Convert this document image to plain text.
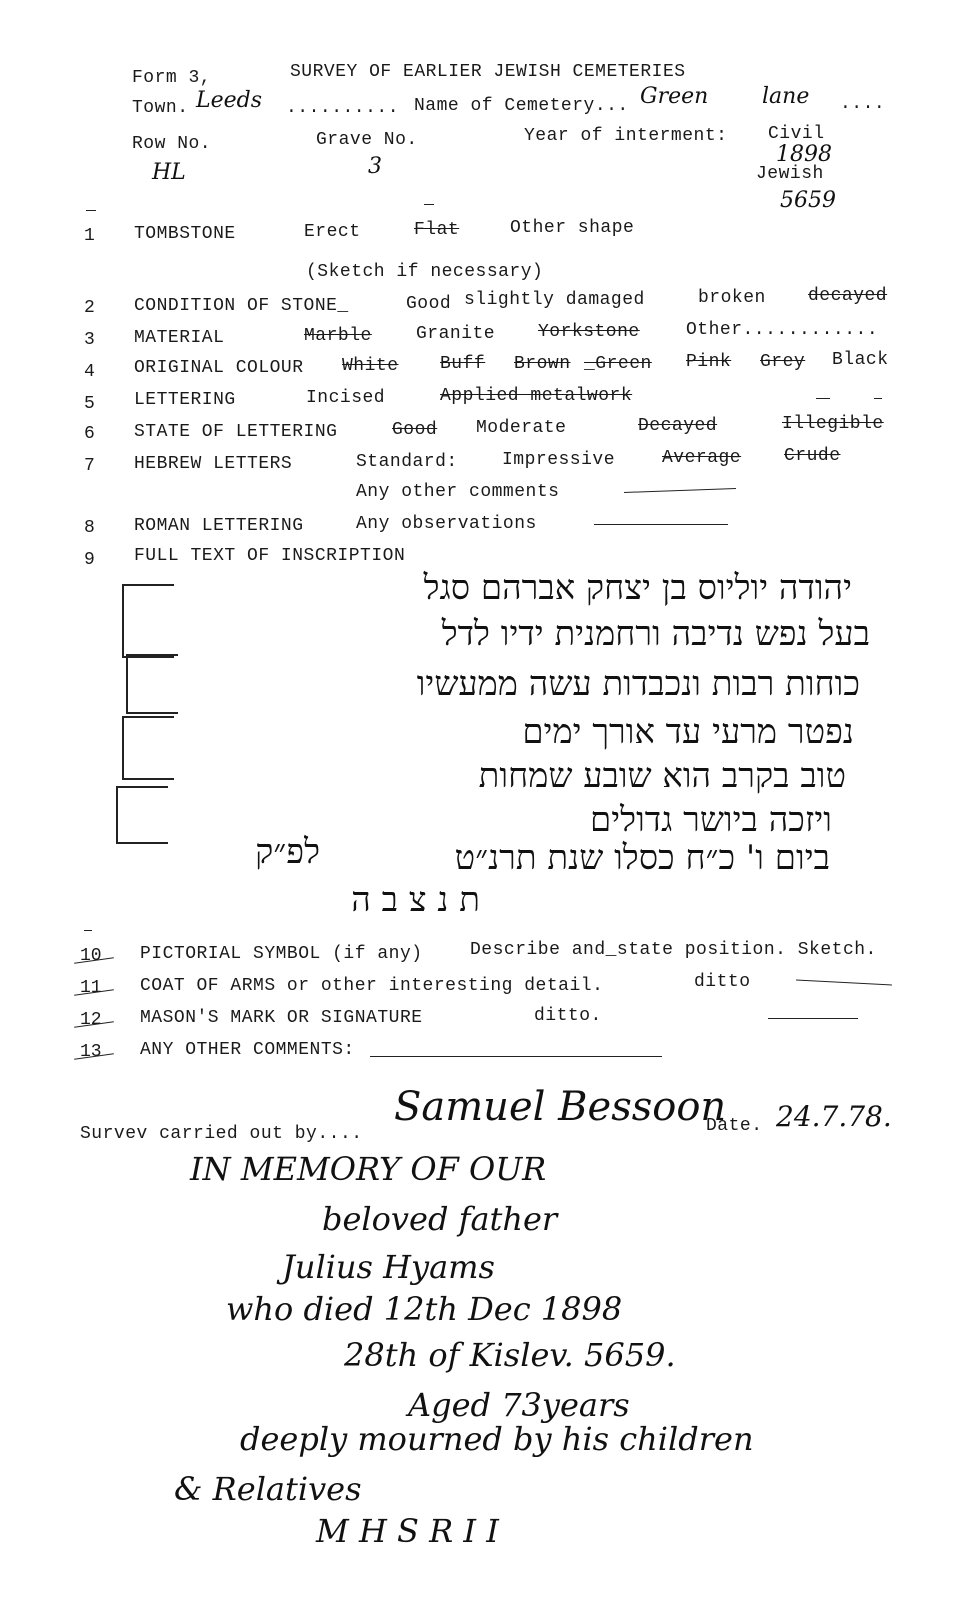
Form 3,	SURVEY OF EARLIER JEWISH CEMETERIES
Town. Leeds .......... Name of Cemetery... Green lane ....
Row No.
HL
Grave No.
3
Year of interment: Civil
1898
Jewish
5659
1 TOMBSTONE	Erect	Flat	Other shape
(Sketch if necessary)
2 CONDITION OF STONE_	Good slightly damaged	broken decayed
3 MATERIAL	Marble Granite Yorkstone	Other............
4 ORIGINAL COLOUR White Buff Brown _Green Pink Grey Black
5 LETTERING	Incised	Applied metalwork
6 STATE OF LETTERING	Good Moderate	Decayed	Illegible
7 HEBREW LETTERS	Standard: Impressive	Average Crude
Any other comments
8 ROMAN LETTERING	Any observations
9 FULL TEXT OF INSCRIPTION
יהודה יוליוס בן יצחק אברהם סגל
בעל נפש נדיבה ורחמנית ידיו לדל
כוחות רבות ונכבדות עשה ממעשיו
נפטר מרעי עד אורך ימים
טוב בקרב הוא שובע שמחות
ויזכה ביושר גדולים
ביום ו' כ״ח כסלו שנת תרנ״ט
לפ״ק
ת נ צ ב ה
10 PICTORIAL SYMBOL (if any)	Describe and_state position. Sketch.
11 COAT OF ARMS or other interesting detail.	ditto
12 MASON'S MARK OR SIGNATURE	ditto.
13 ANY OTHER COMMENTS:
Survev carried out by....
Samuel Bessoon
Date. 24.7.78.
IN MEMORY OF OUR
beloved father
Julius Hyams
who died 12th Dec 1898
28th of Kislev. 5659.
Aged 73years
deeply mourned by his children
& Relatives
M H S R I I
